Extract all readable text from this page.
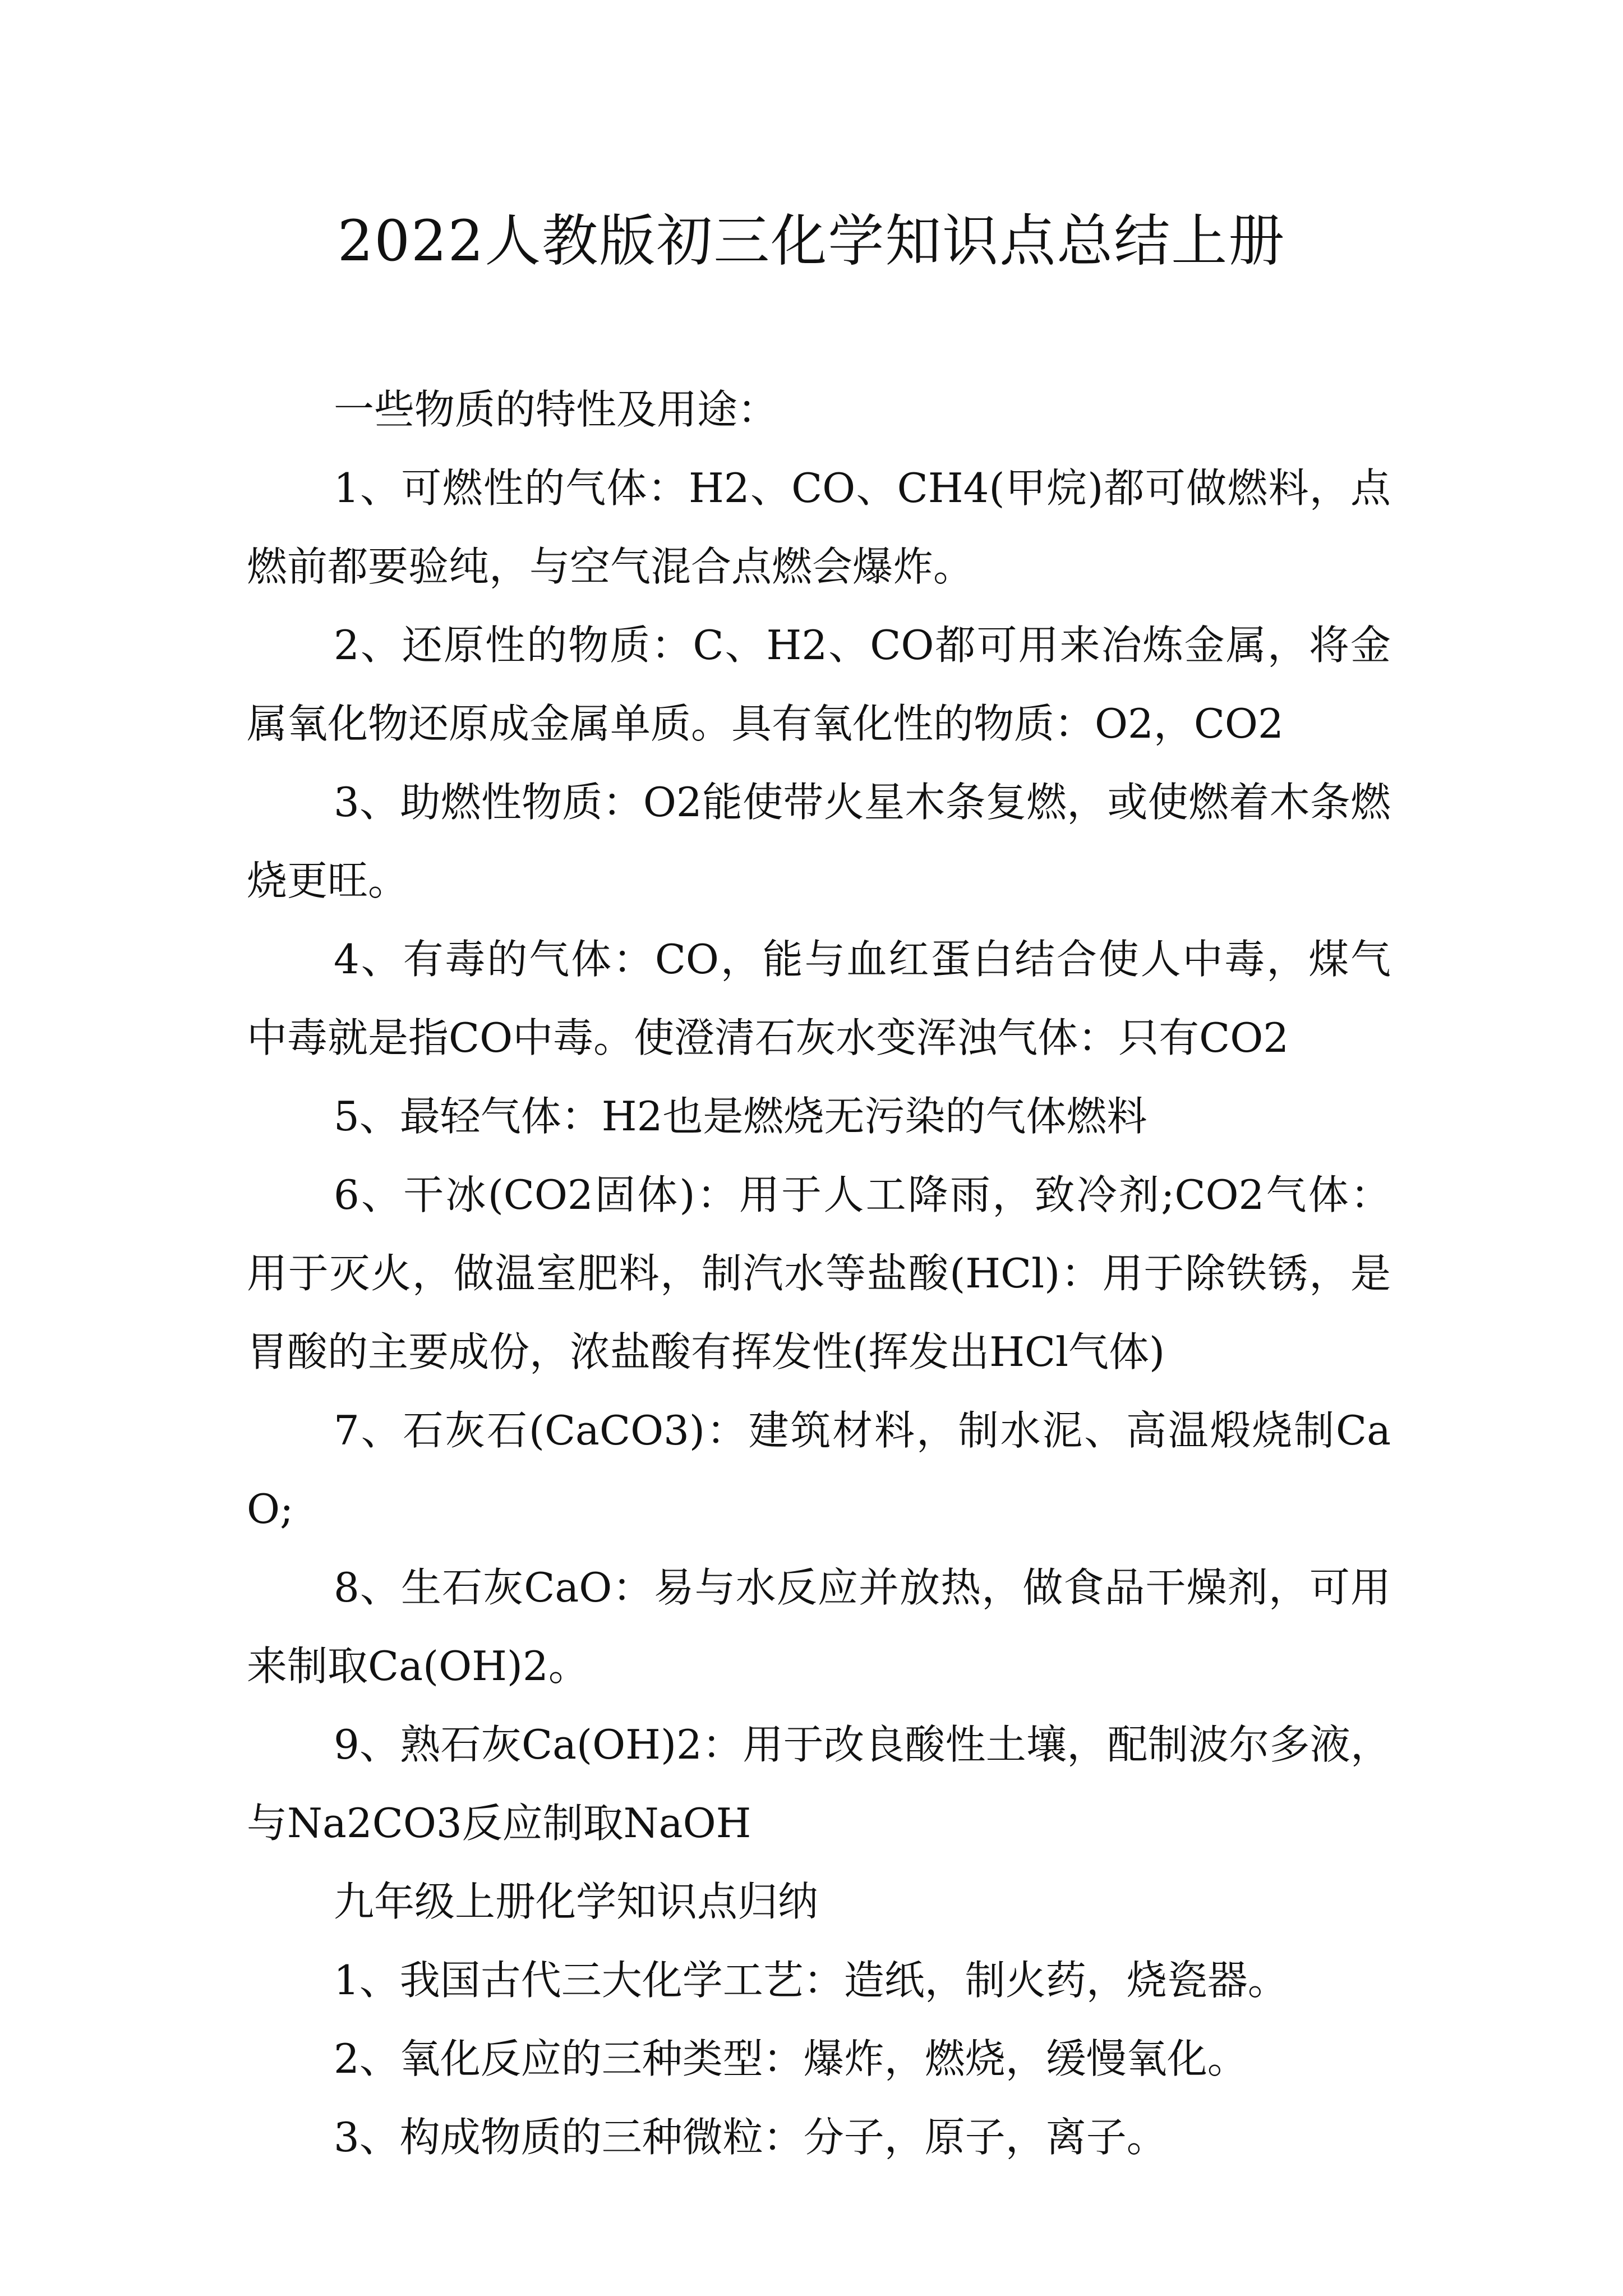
2022人教版初三化学知识点总结上册

一些物质的特性及用途：

1、可燃性的气体：H2、CO、CH4(甲烷)都可做燃料，点燃前都要验纯，与空气混合点燃会爆炸。

2、还原性的物质：C、H2、CO都可用来冶炼金属，将金属氧化物还原成金属单质。具有氧化性的物质：O2，CO2

3、助燃性物质：O2能使带火星木条复燃，或使燃着木条燃烧更旺。

4、有毒的气体：CO，能与血红蛋白结合使人中毒，煤气中毒就是指CO中毒。使澄清石灰水变浑浊气体：只有CO2

5、最轻气体：H2也是燃烧无污染的气体燃料

6、干冰(CO2固体)：用于人工降雨，致冷剂;CO2气体：用于灭火，做温室肥料，制汽水等盐酸(HCl)：用于除铁锈，是胃酸的主要成份，浓盐酸有挥发性(挥发出HCl气体)

7、石灰石(CaCO3)：建筑材料，制水泥、高温煅烧制CaO;

8、生石灰CaO：易与水反应并放热，做食品干燥剂，可用来制取Ca(OH)2。

9、熟石灰Ca(OH)2：用于改良酸性土壤，配制波尔多液，与Na2CO3反应制取NaOH

九年级上册化学知识点归纳

1、我国古代三大化学工艺：造纸，制火药，烧瓷器。

2、氧化反应的三种类型：爆炸，燃烧，缓慢氧化。

3、构成物质的三种微粒：分子，原子，离子。
